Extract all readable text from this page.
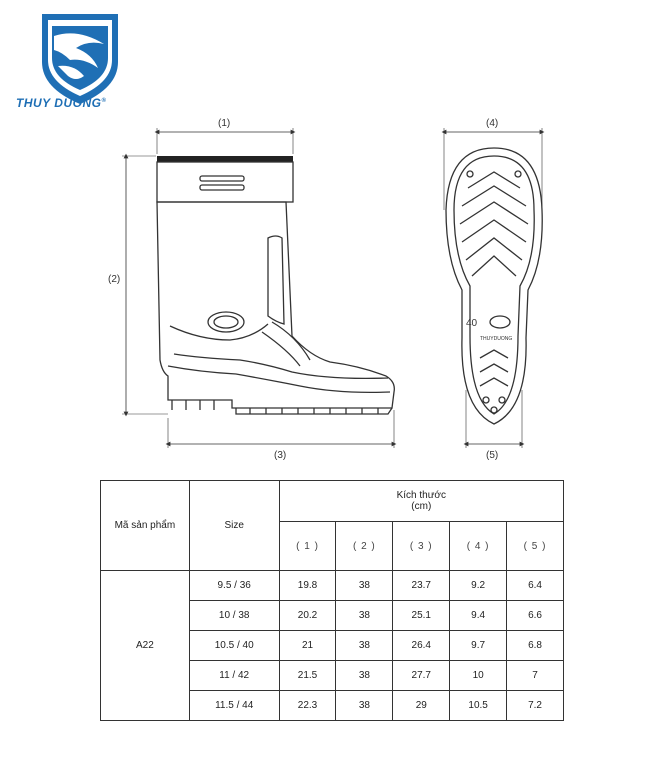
THUY DUONG®
(1)
(2)
(3)
40
THUYDUONG
(4)
(5)
Mã sản phẩm	Size	Kích thước
(cm)				

		( 1 )	( 2 )	( 3 )	( 4 )	( 5 )
A22	9.5 / 36	19.8	38	23.7	9.2	6.4
	10 / 38	20.2	38	25.1	9.4	6.6
	10.5 / 40	21	38	26.4	9.7	6.8
	11 / 42	21.5	38	27.7	10	7
	11.5 / 44	22.3	38	29	10.5	7.2
